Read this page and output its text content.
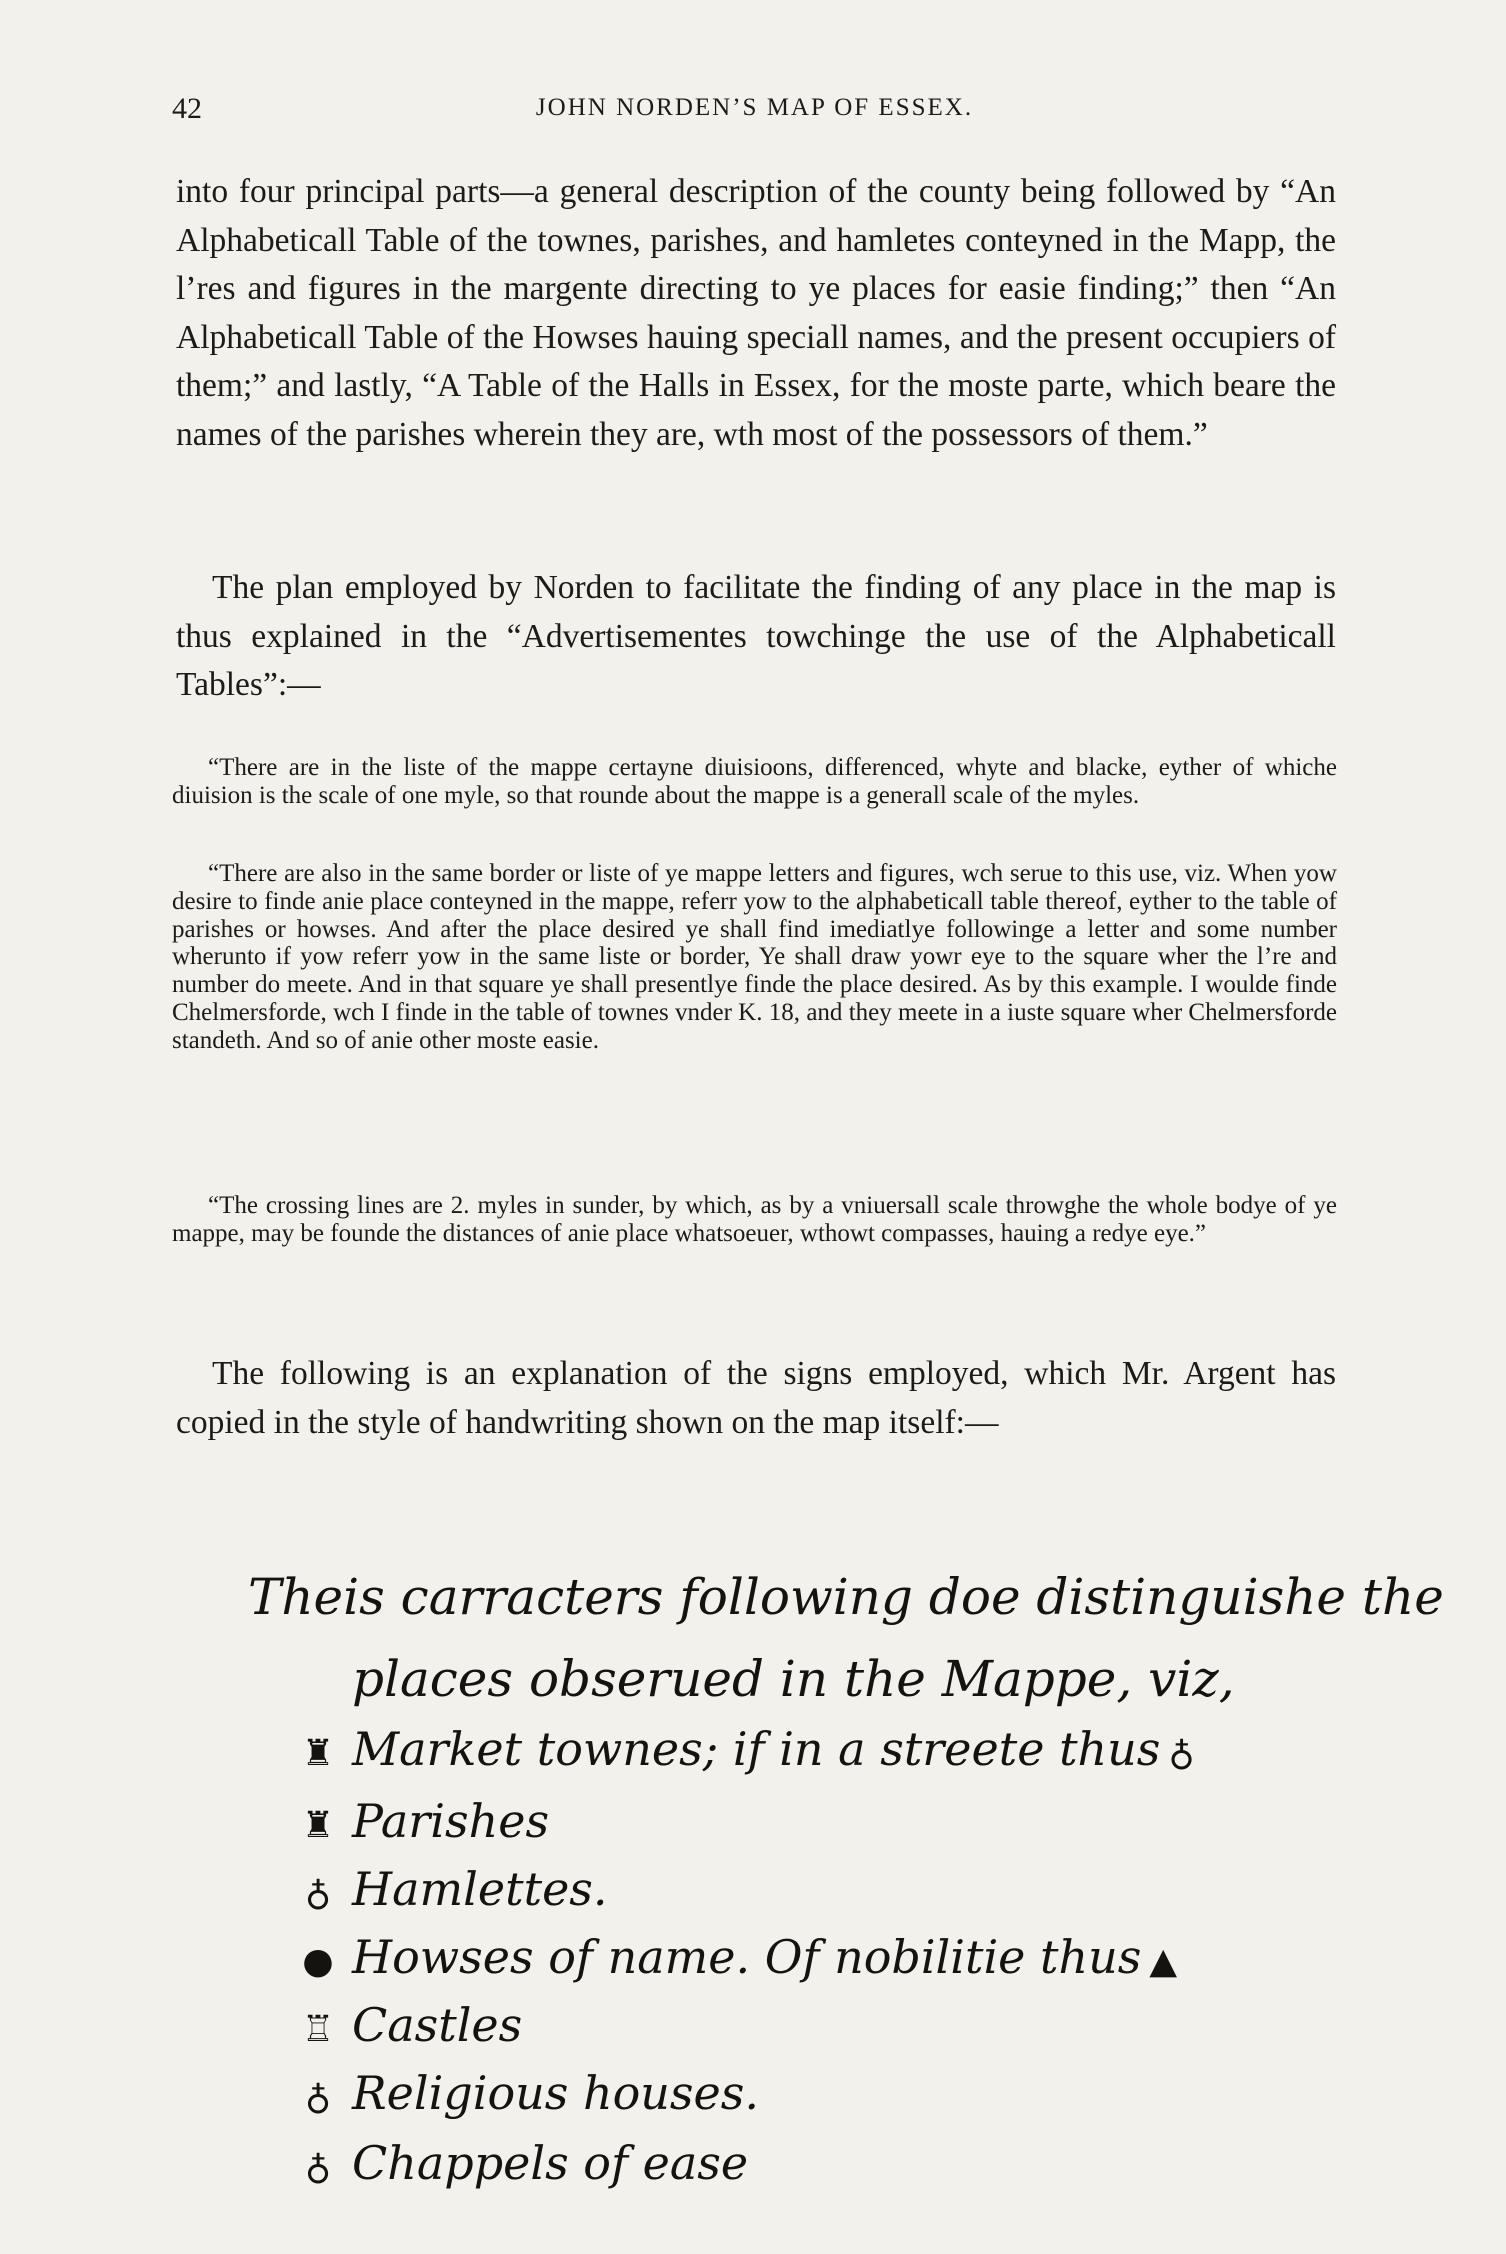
42	JOHN NORDEN’S MAP OF ESSEX.

into four principal parts—a general description of the county being followed by “An Alphabeticall Table of the townes, parishes, and hamletes conteyned in the Mapp, the l’res and figures in the margente directing to ye places for easie finding;” then “An Alphabeticall Table of the Howses hauing speciall names, and the present occupiers of them;” and lastly, “A Table of the Halls in Essex, for the moste parte, which beare the names of the parishes wherein they are, wth most of the possessors of them.”

The plan employed by Norden to facilitate the finding of any place in the map is thus explained in the “Advertisementes towchinge the use of the Alphabeticall Tables”:—

“There are in the liste of the mappe certayne diuisioons, differenced, whyte and blacke, eyther of whiche diuision is the scale of one myle, so that rounde about the mappe is a generall scale of the myles.

“There are also in the same border or liste of ye mappe letters and figures, wch serue to this use, viz. When yow desire to finde anie place conteyned in the mappe, referr yow to the alphabeticall table thereof, eyther to the table of parishes or howses. And after the place desired ye shall find imediatlye followinge a letter and some number wherunto if yow referr yow in the same liste or border, Ye shall draw yowr eye to the square wher the l’re and number do meete. And in that square ye shall presentlye finde the place desired. As by this example. I woulde finde Chelmersforde, wch I finde in the table of townes vnder K. 18, and they meete in a iuste square wher Chelmersforde standeth. And so of anie other moste easie.

“The crossing lines are 2. myles in sunder, by which, as by a vniuersall scale throwghe the whole bodye of ye mappe, may be founde the distances of anie place whatsoeuer, wthowt compasses, hauing a redye eye.”

The following is an explanation of the signs employed, which Mr. Argent has copied in the style of handwriting shown on the map itself:—

Theis carracters following doe distinguishe the
places obserued in the Mappe, viz,
♜ Market townes; if in a streete thus ♁
♜ Parishes
♁ Hamlettes.
● Howses of name. Of nobilitie thus ▲
♖ Castles
♁ Religious houses.
♁ Chappels of ease
